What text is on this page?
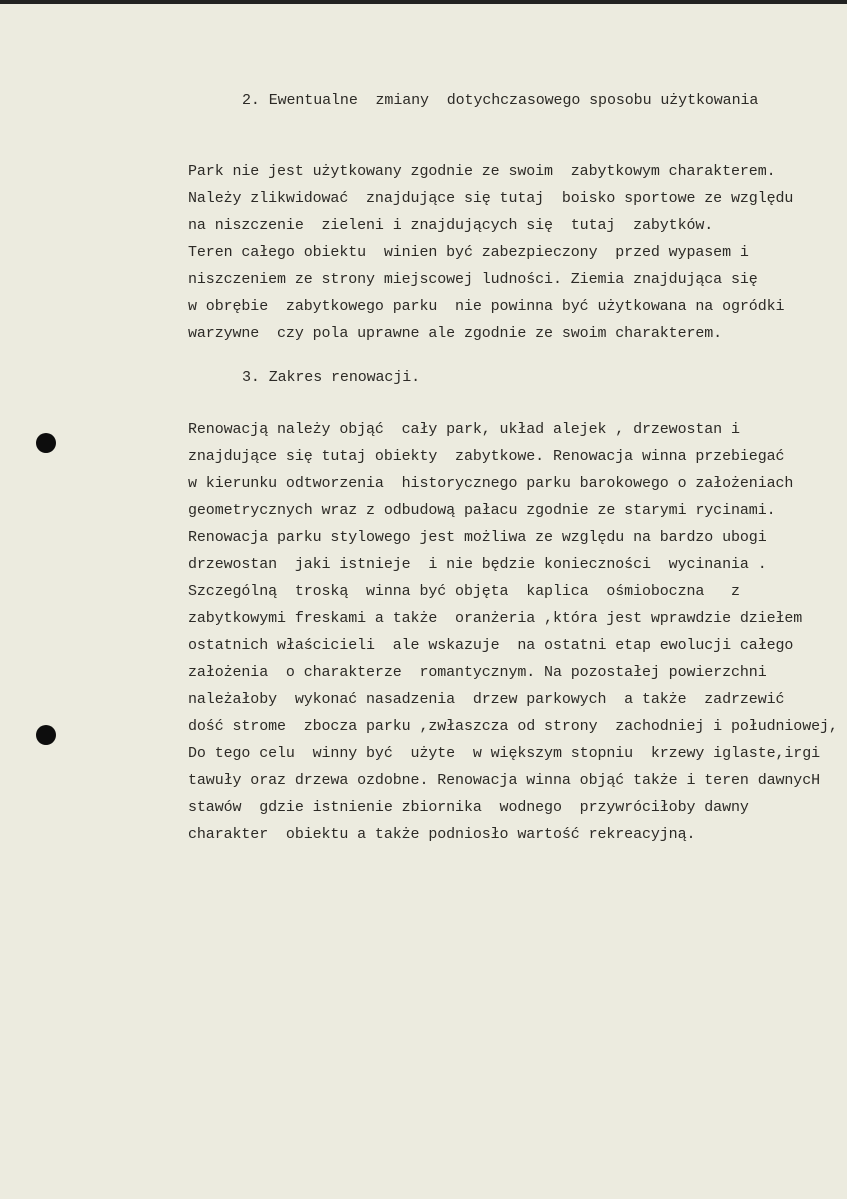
2. Ewentualne  zmiany  dotychczasowego sposobu użytkowania
Park nie jest użytkowany zgodnie ze swoim  zabytkowym charakterem.
Należy zlikwidować  znajdujące się tutaj  boisko sportowe ze względu
na niszczenie  zieleni i znajdujących się  tutaj  zabytków.
Teren całego obiektu  winien być zabezpieczony  przed wypasem i
niszczeniem ze strony miejscowej ludności. Ziemia znajdująca się
w obrębie  zabytkowego parku  nie powinna być użytkowana na ogródki
warzywne  czy pola uprawne ale zgodnie ze swoim charakterem.
3. Zakres renowacji.
Renowacją należy objąć  cały park, układ alejek , drzewostan i
znajdujące się tutaj obiekty  zabytkowe. Renowacja winna przebiegać
w kierunku odtworzenia  historycznego parku barokowego o założeniach
geometrycznych wraz z odbudową pałacu zgodnie ze starymi rycinami.
Renowacja parku stylowego jest możliwa ze względu na bardzo ubogi
drzewostan  jaki istnieje  i nie będzie konieczności  wycinania .
Szczególną  troską  winna być objęta  kaplica  ośmioboczna   z
zabytkowymi freskami a także  oranżeria ,która jest wprawdzie dziełem
ostatnich właścicieli  ale wskazuje  na ostatni etap ewolucji całego
założenia  o charakterze  romantycznym. Na pozostałej powierzchni
należałoby  wykonać nasadzenia  drzew parkowych  a także  zadrzewić
dość strome  zbocza parku ,zwłaszcza od strony  zachodniej i południowej,
Do tego celu  winny być  użyte  w większym stopniu  krzewy iglaste,irgi
tawuły oraz drzewa ozdobne. Renowacja winna objąć także i teren dawnycH
stawów  gdzie istnienie zbiornika  wodnego  przywróciłoby dawny
charakter  obiektu a także podniosło wartość rekreacyjną.
